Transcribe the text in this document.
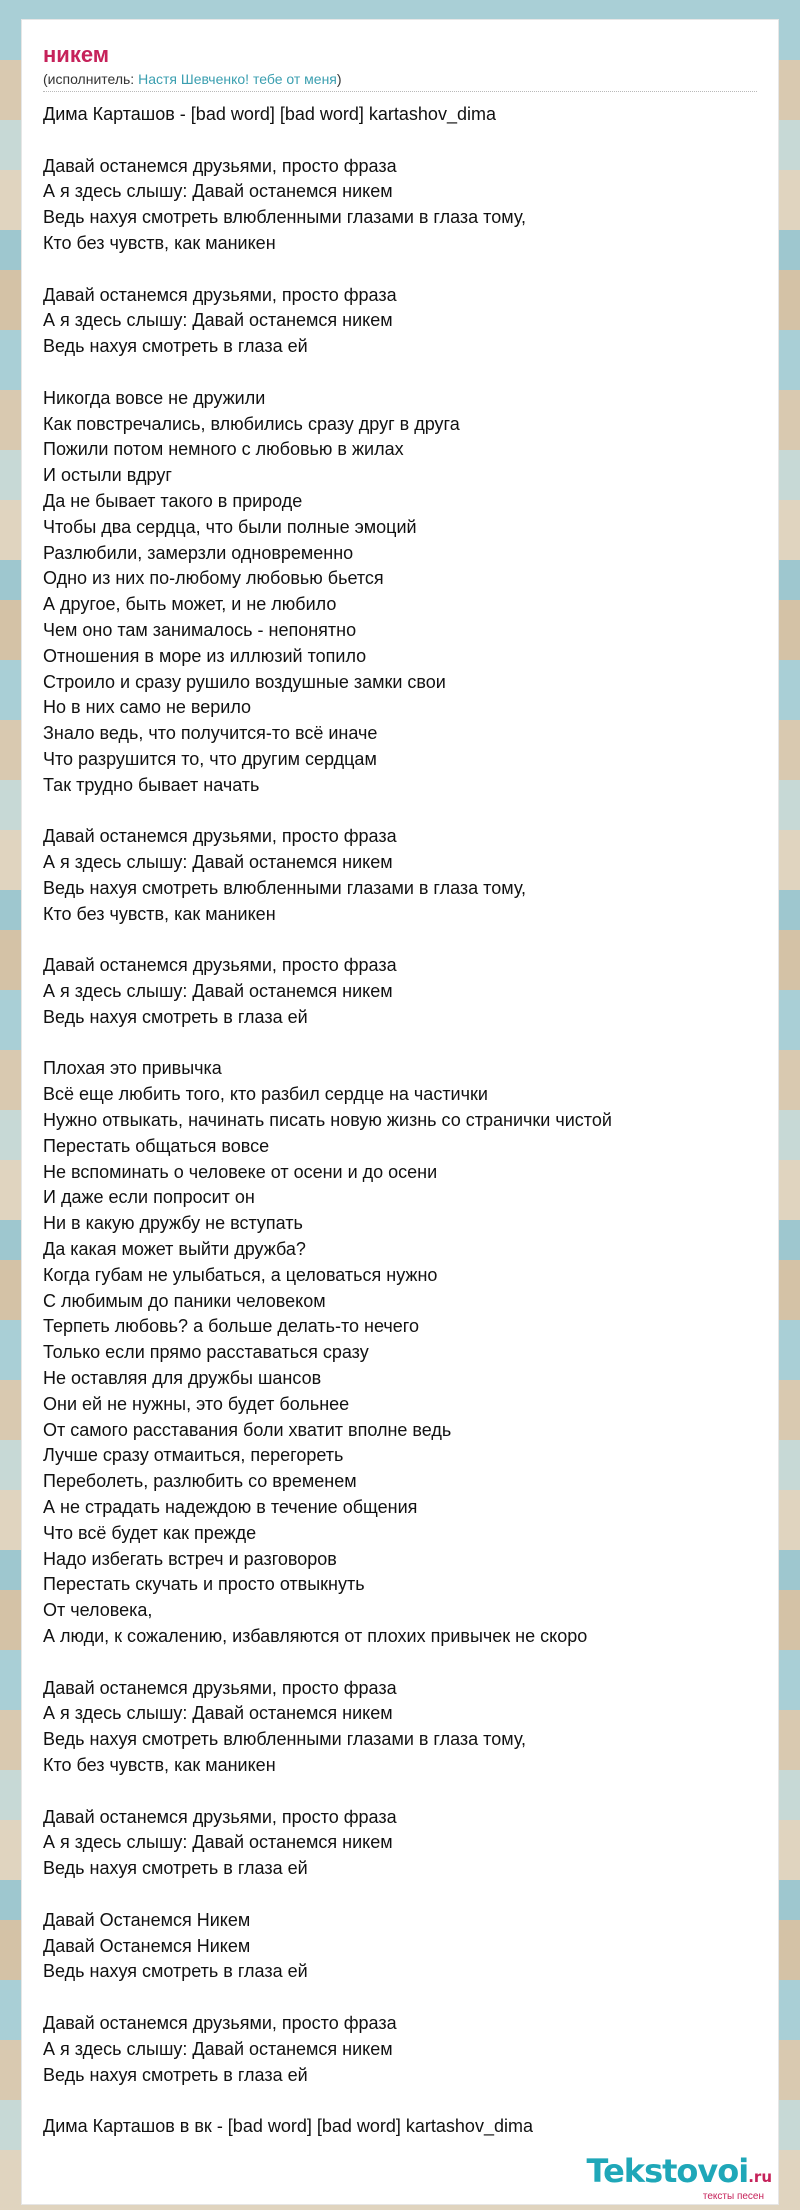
никем
(исполнитель: Настя Шевченко! тебе от меня)
Дима Карташов - [bad word] [bad word] kartashov_dima
Давай останемся друзьями, просто фраза
А я здесь слышу: Давай останемся никем
Ведь нахуя смотреть влюбленными глазами в глаза тому,
Кто без чувств, как маникен
Давай останемся друзьями, просто фраза
А я здесь слышу: Давай останемся никем
Ведь нахуя смотреть в глаза ей
Никогда вовсе не дружили
Как повстречались, влюбились сразу друг в друга
Пожили потом немного с любовью в жилах
И остыли вдруг
Да не бывает такого в природе
Чтобы два сердца, что были полные эмоций
Разлюбили, замерзли одновременно
Одно из них по-любому любовью бьется
А другое, быть может, и не любило
Чем оно там занималось - непонятно
Отношения в море из иллюзий топило
Строило и сразу рушило воздушные замки свои
Но в них само не верило
Знало ведь, что получится-то всё иначе
Что разрушится то, что другим сердцам
Так трудно бывает начать
Давай останемся друзьями, просто фраза
А я здесь слышу: Давай останемся никем
Ведь нахуя смотреть влюбленными глазами в глаза тому,
Кто без чувств, как маникен
Давай останемся друзьями, просто фраза
А я здесь слышу: Давай останемся никем
Ведь нахуя смотреть в глаза ей
Плохая это привычка
Всё еще любить того, кто разбил сердце на частички
Нужно отвыкать, начинать писать новую жизнь со странички чистой
Перестать общаться вовсе
Не вспоминать о человеке от осени и до осени
И даже если попросит он
Ни в какую дружбу не вступать
Да какая может выйти дружба?
Когда губам не улыбаться, а целоваться нужно
С любимым до паники человеком
Терпеть любовь? а больше делать-то нечего
Только если прямо расставаться сразу
Не оставляя для дружбы шансов
Они ей не нужны, это будет больнее
От самого расставания боли хватит вполне ведь
Лучше сразу отмаиться, перегореть
Переболеть, разлюбить со временем
А не страдать надеждою в течение общения
Что всё будет как прежде
Надо избегать встреч и разговоров
Перестать скучать и просто отвыкнуть
От человека,
А люди, к сожалению, избавляются от плохих привычек не скоро
Давай останемся друзьями, просто фраза
А я здесь слышу: Давай останемся никем
Ведь нахуя смотреть влюбленными глазами в глаза тому,
Кто без чувств, как маникен
Давай останемся друзьями, просто фраза
А я здесь слышу: Давай останемся никем
Ведь нахуя смотреть в глаза ей
Давай Останемся Никем
Давай Останемся Никем
Ведь нахуя смотреть в глаза ей
Давай останемся друзьями, просто фраза
А я здесь слышу: Давай останемся никем
Ведь нахуя смотреть в глаза ей
Дима Карташов в вк - [bad word] [bad word] kartashov_dima
Tekstovoi.ru
тексты песен
